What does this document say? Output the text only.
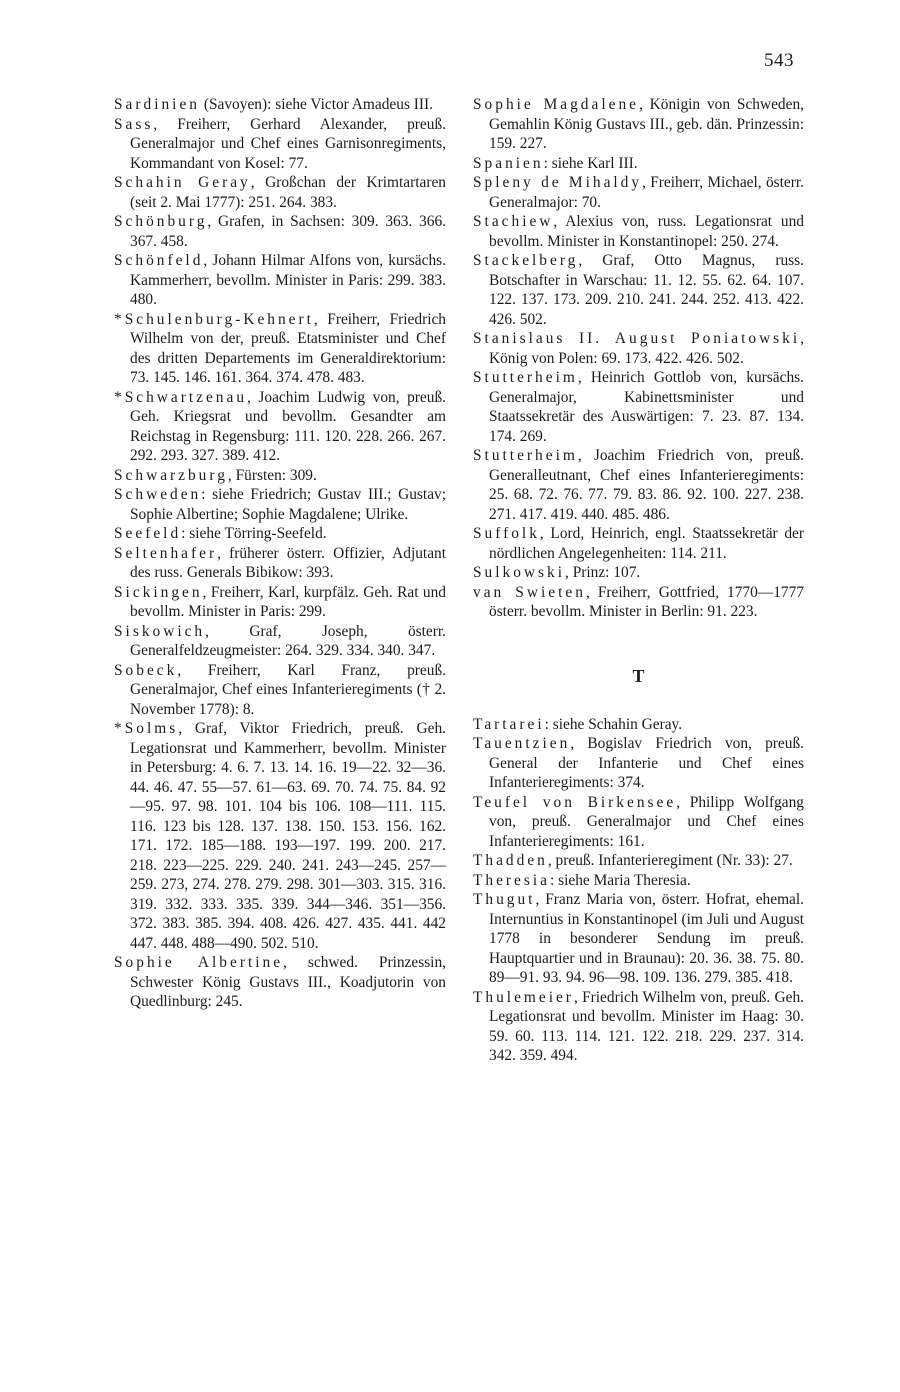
543

Sardinien (Savoyen): siehe Victor Amadeus III.

Sass, Freiherr, Gerhard Alexander, preuß. Generalmajor und Chef eines Garnisonregiments, Kommandant von Kosel: 77.

Schahin Geray, Großchan der Krimtartaren (seit 2. Mai 1777): 251. 264. 383.

Schönburg, Grafen, in Sachsen: 309. 363. 366. 367. 458.

Schönfeld, Johann Hilmar Alfons von, kursächs. Kammerherr, bevollm. Minister in Paris: 299. 383. 480.

*Schulenburg-Kehnert, Freiherr, Friedrich Wilhelm von der, preuß. Etatsminister und Chef des dritten Departements im Generaldirektorium: 73. 145. 146. 161. 364. 374. 478. 483.

*Schwartzenau, Joachim Ludwig von, preuß. Geh. Kriegsrat und bevollm. Gesandter am Reichstag in Regensburg: 111. 120. 228. 266. 267. 292. 293. 327. 389. 412.

Schwarzburg, Fürsten: 309.

Schweden: siehe Friedrich; Gustav III.; Gustav; Sophie Albertine; Sophie Magdalene; Ulrike.

Seefeld: siehe Törring-Seefeld.

Seltenhafer, früherer österr. Offizier, Adjutant des russ. Generals Bibikow: 393.

Sickingen, Freiherr, Karl, kurpfälz. Geh. Rat und bevollm. Minister in Paris: 299.

Siskowich, Graf, Joseph, österr. Generalfeldzeugmeister: 264. 329. 334. 340. 347.

Sobeck, Freiherr, Karl Franz, preuß. Generalmajor, Chef eines Infanterieregiments († 2. November 1778): 8.

*Solms, Graf, Viktor Friedrich, preuß. Geh. Legationsrat und Kammerherr, bevollm. Minister in Petersburg: 4. 6. 7. 13. 14. 16. 19—22. 32—36. 44. 46. 47. 55—57. 61—63. 69. 70. 74. 75. 84. 92—95. 97. 98. 101. 104 bis 106. 108—111. 115. 116. 123 bis 128. 137. 138. 150. 153. 156. 162. 171. 172. 185—188. 193—197. 199. 200. 217. 218. 223—225. 229. 240. 241. 243—245. 257—259. 273, 274. 278. 279. 298. 301—303. 315. 316. 319. 332. 333. 335. 339. 344—346. 351—356. 372. 383. 385. 394. 408. 426. 427. 435. 441. 442 447. 448. 488—490. 502. 510.

Sophie Albertine, schwed. Prinzessin, Schwester König Gustavs III., Koadjutorin von Quedlinburg: 245.

Sophie Magdalene, Königin von Schweden, Gemahlin König Gustavs III., geb. dän. Prinzessin: 159. 227.

Spanien: siehe Karl III.

Spleny de Mihaldy, Freiherr, Michael, österr. Generalmajor: 70.

Stachiew, Alexius von, russ. Legationsrat und bevollm. Minister in Konstantinopel: 250. 274.

Stackelberg, Graf, Otto Magnus, russ. Botschafter in Warschau: 11. 12. 55. 62. 64. 107. 122. 137. 173. 209. 210. 241. 244. 252. 413. 422. 426. 502.

Stanislaus II. August Poniatowski, König von Polen: 69. 173. 422. 426. 502.

Stutterheim, Heinrich Gottlob von, kursächs. Generalmajor, Kabinettsminister und Staatssekretär des Auswärtigen: 7. 23. 87. 134. 174. 269.

Stutterheim, Joachim Friedrich von, preuß. Generalleutnant, Chef eines Infanterieregiments: 25. 68. 72. 76. 77. 79. 83. 86. 92. 100. 227. 238. 271. 417. 419. 440. 485. 486.

Suffolk, Lord, Heinrich, engl. Staatssekretär der nördlichen Angelegenheiten: 114. 211.

Sulkowski, Prinz: 107.

van Swieten, Freiherr, Gottfried, 1770—1777 österr. bevollm. Minister in Berlin: 91. 223.

T

Tartarei: siehe Schahin Geray.

Tauentzien, Bogislav Friedrich von, preuß. General der Infanterie und Chef eines Infanterieregiments: 374.

Teufel von Birkensee, Philipp Wolfgang von, preuß. Generalmajor und Chef eines Infanterieregiments: 161.

Thadden, preuß. Infanterieregiment (Nr. 33): 27.

Theresia: siehe Maria Theresia.

Thugut, Franz Maria von, österr. Hofrat, ehemal. Internuntius in Konstantinopel (im Juli und August 1778 in besonderer Sendung im preuß. Hauptquartier und in Braunau): 20. 36. 38. 75. 80. 89—91. 93. 94. 96—98. 109. 136. 279. 385. 418.

Thulemeier, Friedrich Wilhelm von, preuß. Geh. Legationsrat und bevollm. Minister im Haag: 30. 59. 60. 113. 114. 121. 122. 218. 229. 237. 314. 342. 359. 494.
